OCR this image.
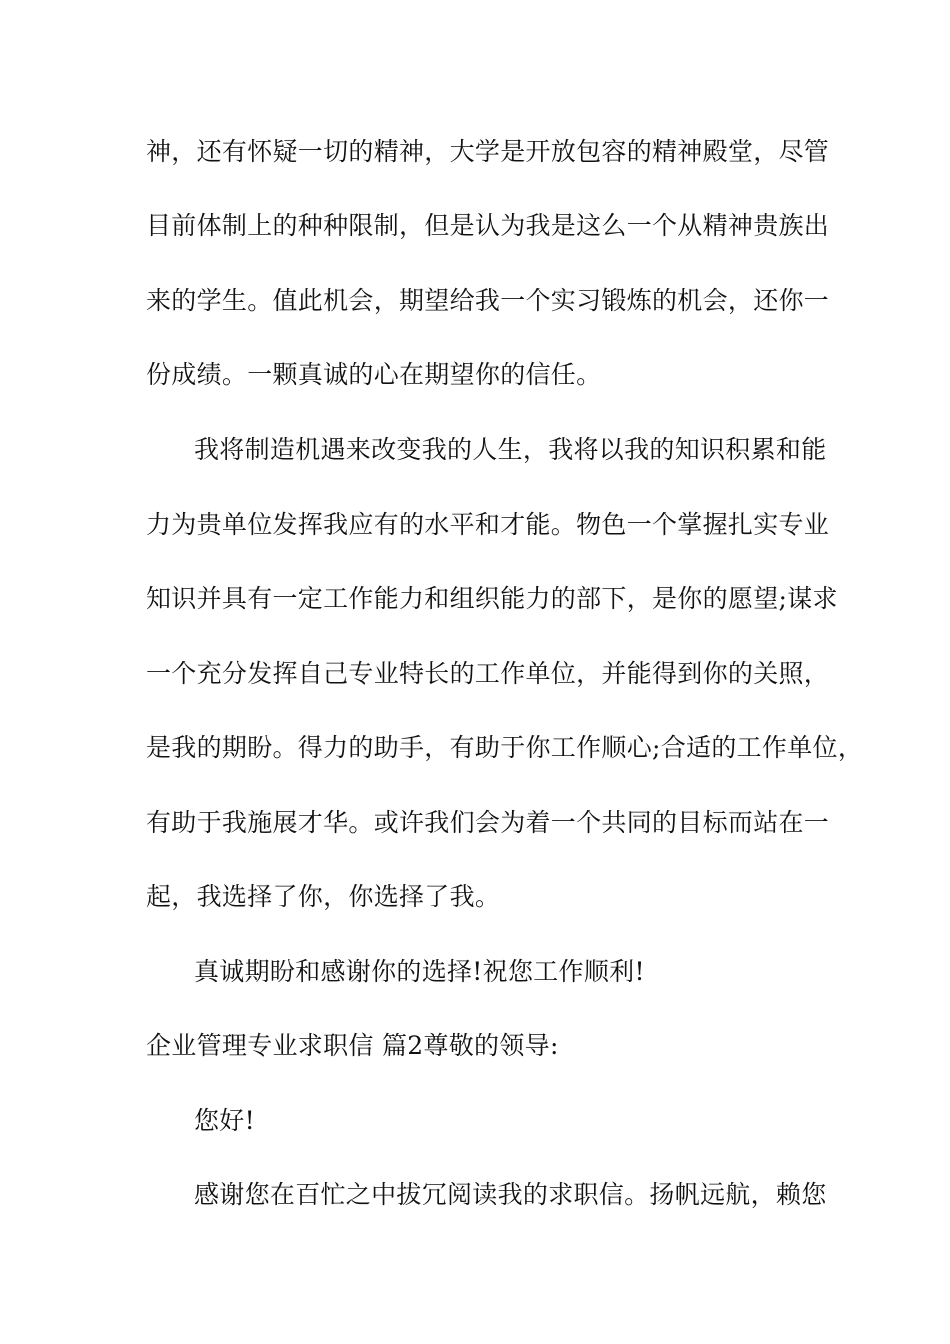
神，还有怀疑一切的精神，大学是开放包容的精神殿堂，尽管
目前体制上的种种限制，但是认为我是这么一个从精神贵族出
来的学生。值此机会，期望给我一个实习锻炼的机会，还你一
份成绩。一颗真诚的心在期望你的信任。
我将制造机遇来改变我的人生，我将以我的知识积累和能
力为贵单位发挥我应有的水平和才能。物色一个掌握扎实专业
知识并具有一定工作能力和组织能力的部下，是你的愿望;谋求
一个充分发挥自己专业特长的工作单位，并能得到你的关照，
是我的期盼。得力的助手，有助于你工作顺心;合适的工作单位，
有助于我施展才华。或许我们会为着一个共同的目标而站在一
起，我选择了你，你选择了我。
真诚期盼和感谢你的选择!祝您工作顺利!
企业管理专业求职信 篇2尊敬的领导:
您好!
感谢您在百忙之中拔冗阅读我的求职信。扬帆远航，赖您
